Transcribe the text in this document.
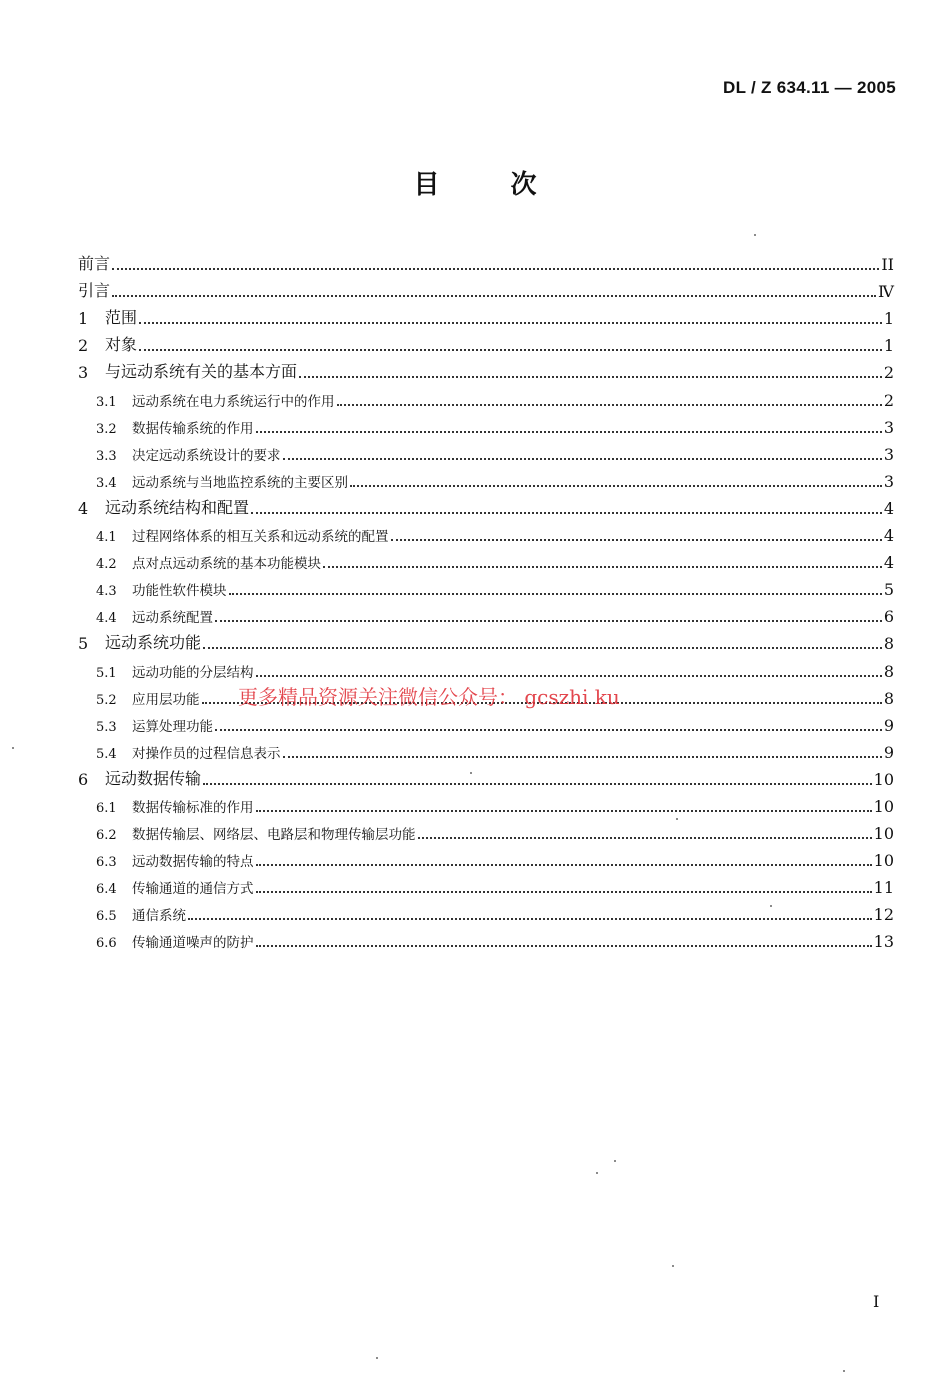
DL / Z 634.11 — 2005
目 次
前言	II
引言	Ⅳ
1	范围	1
2	对象	1
3	与远动系统有关的基本方面	2
3.1	远动系统在电力系统运行中的作用	2
3.2	数据传输系统的作用	3
3.3	决定远动系统设计的要求	3
3.4	远动系统与当地监控系统的主要区别	3
4	远动系统结构和配置	4
4.1	过程网络体系的相互关系和远动系统的配置	4
4.2	点对点远动系统的基本功能模块	4
4.3	功能性软件模块	5
4.4	远动系统配置	6
5	远动系统功能	8
5.1	远动功能的分层结构	8
5.2	应用层功能	8
5.3	运算处理功能	9
5.4	对操作员的过程信息表示	9
6	远动数据传输	10
6.1	数据传输标准的作用	10
6.2	数据传输层、网络层、电路层和物理传输层功能	10
6.3	远动数据传输的特点	10
6.4	传输通道的通信方式	11
6.5	通信系统	12
6.6	传输通道噪声的防护	13
更多精品资源关注微信公众号： gcszhi ku
I
